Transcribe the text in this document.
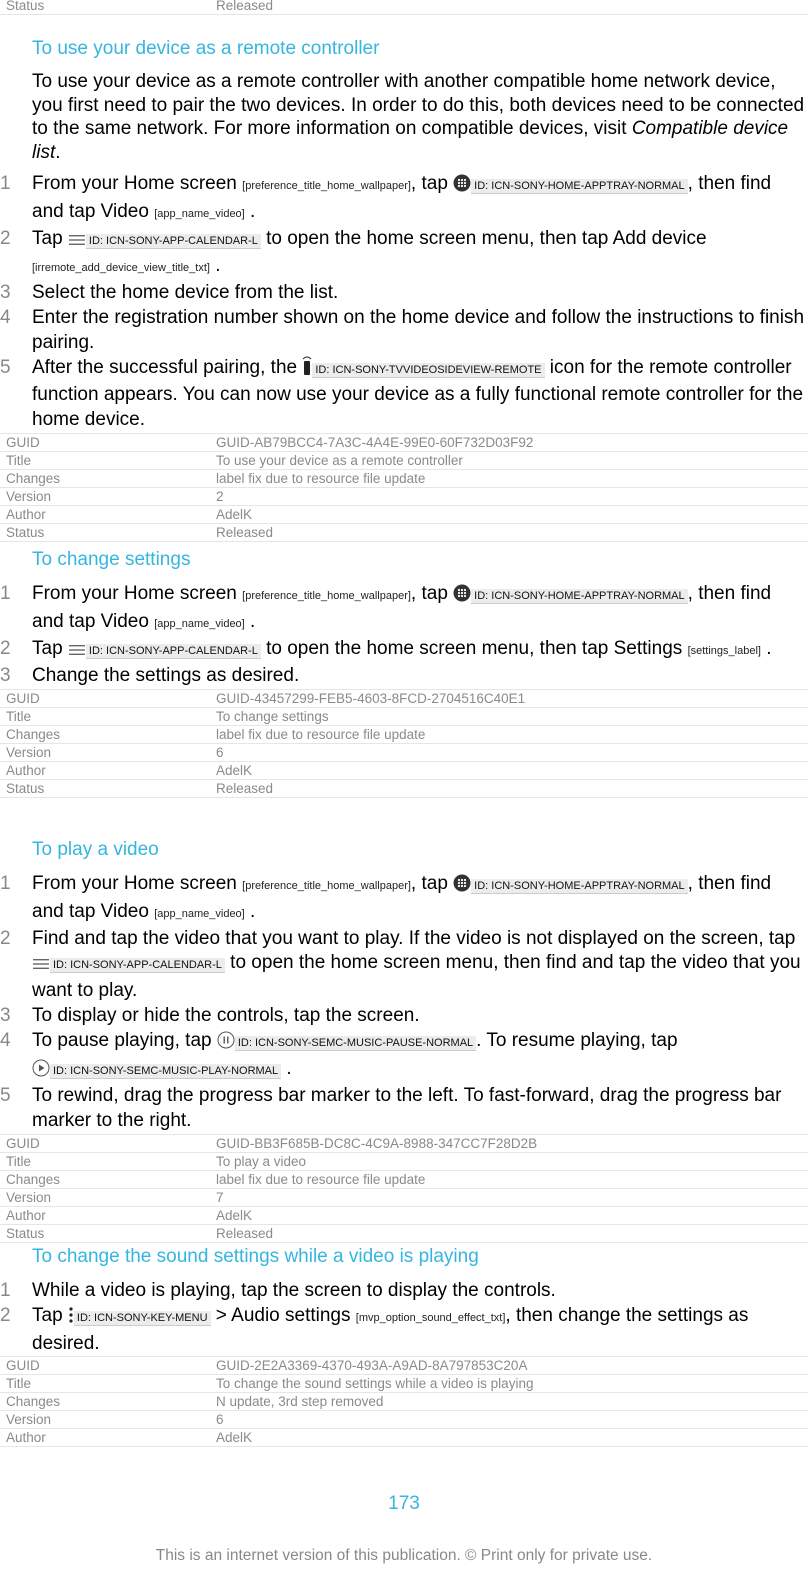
Status	Released
To use your device as a remote controller

To use your device as a remote controller with another compatible home network device, you first need to pair the two devices. In order to do this, both devices need to be connected to the same network. For more information on compatible devices, visit Compatible device list.

1	From your Home screen [preference_title_home_wallpaper], tap ID: ICN-SONY-HOME-APPTRAY-NORMAL , then find and tap Video [app_name_video] .
2	Tap ID: ICN-SONY-APP-CALENDAR-L to open the home screen menu, then tap Add device [irremote_add_device_view_title_txt] .
3	Select the home device from the list.
4	Enter the registration number shown on the home device and follow the instructions to finish pairing.
5	After the successful pairing, the ID: ICN-SONY-TVVIDEOSIDEVIEW-REMOTE icon for the remote controller function appears. You can now use your device as a fully functional remote controller for the home device.
GUID	GUID-AB79BCC4-7A3C-4A4E-99E0-60F732D03F92
Title	To use your device as a remote controller
Changes	label fix due to resource file update
Version	2
Author	AdelK
Status	Released
To change settings
1	From your Home screen [preference_title_home_wallpaper], tap ID: ICN-SONY-HOME-APPTRAY-NORMAL , then find and tap Video [app_name_video] .
2	Tap ID: ICN-SONY-APP-CALENDAR-L to open the home screen menu, then tap Settings [settings_label] .
3	Change the settings as desired.
GUID	GUID-43457299-FEB5-4603-8FCD-2704516C40E1
Title	To change settings
Changes	label fix due to resource file update
Version	6
Author	AdelK
Status	Released
To play a video
1	From your Home screen [preference_title_home_wallpaper], tap ID: ICN-SONY-HOME-APPTRAY-NORMAL , then find and tap Video [app_name_video] .
2	Find and tap the video that you want to play. If the video is not displayed on the screen, tap ID: ICN-SONY-APP-CALENDAR-L to open the home screen menu, then find and tap the video that you want to play.
3	To display or hide the controls, tap the screen.
4	To pause playing, tap ID: ICN-SONY-SEMC-MUSIC-PAUSE-NORMAL . To resume playing, tap
ID: ICN-SONY-SEMC-MUSIC-PLAY-NORMAL .
5	To rewind, drag the progress bar marker to the left. To fast-forward, drag the progress bar marker to the right.
GUID	GUID-BB3F685B-DC8C-4C9A-8988-347CC7F28D2B
Title	To play a video
Changes	label fix due to resource file update
Version	7
Author	AdelK
Status	Released
To change the sound settings while a video is playing
1	While a video is playing, tap the screen to display the controls.
2	Tap ID: ICN-SONY-KEY-MENU > Audio settings [mvp_option_sound_effect_txt], then change the settings as desired.
GUID	GUID-2E2A3369-4370-493A-A9AD-8A797853C20A
Title	To change the sound settings while a video is playing
Changes	N update, 3rd step removed
Version	6
Author	AdelK
173
This is an internet version of this publication. © Print only for private use.
